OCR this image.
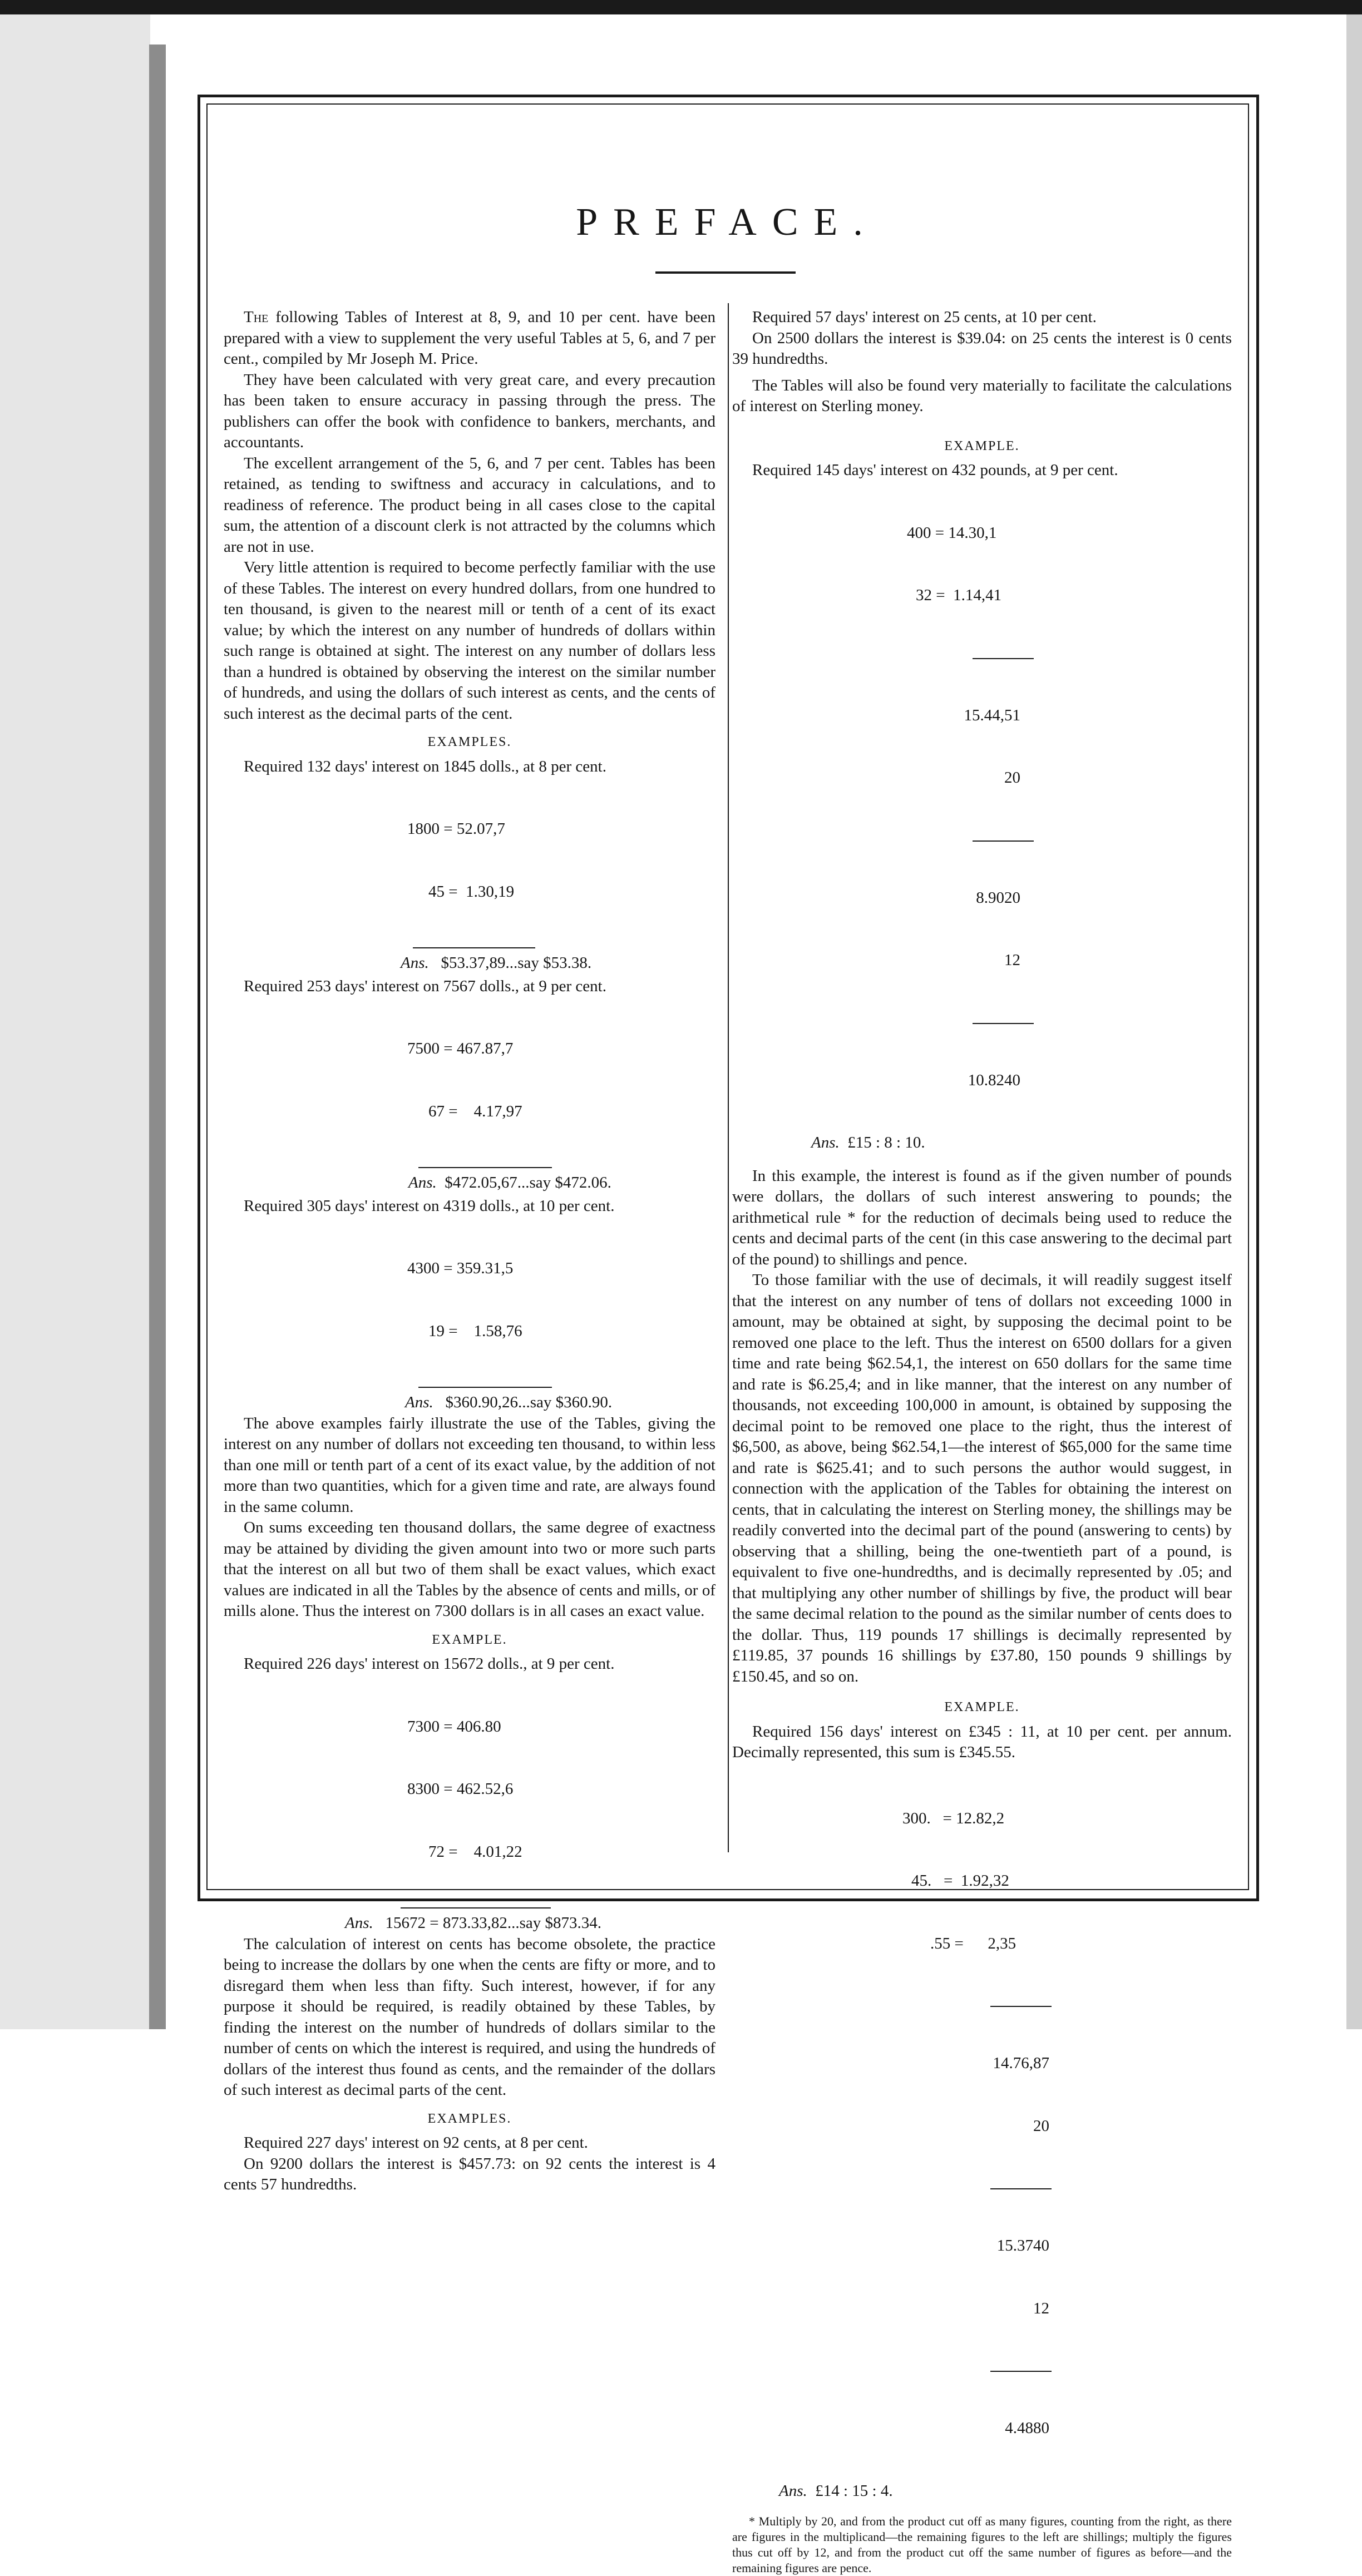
PREFACE.

The following Tables of Interest at 8, 9, and 10 per cent. have been prepared with a view to supplement the very useful Tables at 5, 6, and 7 per cent., compiled by Mr Joseph M. Price.

They have been calculated with very great care, and every precaution has been taken to ensure accuracy in passing through the press. The publishers can offer the book with confidence to bankers, merchants, and accountants.

The excellent arrangement of the 5, 6, and 7 per cent. Tables has been retained, as tending to swiftness and accuracy in calculations, and to readiness of reference. The product being in all cases close to the capital sum, the attention of a discount clerk is not attracted by the columns which are not in use.

Very little attention is required to become perfectly familiar with the use of these Tables. The interest on every hundred dollars, from one hundred to ten thousand, is given to the nearest mill or tenth of a cent of its exact value; by which the interest on any number of hundreds of dollars within such range is obtained at sight. The interest on any number of dollars less than a hundred is obtained by observing the interest on the similar number of hundreds, and using the dollars of such interest as cents, and the cents of such interest as the decimal parts of the cent.

EXAMPLES.
Required 132 days' interest on 1845 dolls., at 8 per cent.

1800 = 52.07,7

45 =  1.30,19

Ans. $53.37,89...say $53.38.
Required 253 days' interest on 7567 dolls., at 9 per cent.

7500 = 467.87,7

67 =    4.17,97

Ans. $472.05,67...say $472.06.
Required 305 days' interest on 4319 dolls., at 10 per cent.

4300 = 359.31,5

19 =    1.58,76

Ans. $360.90,26...say $360.90.

The above examples fairly illustrate the use of the Tables, giving the interest on any number of dollars not exceeding ten thousand, to within less than one mill or tenth part of a cent of its exact value, by the addition of not more than two quantities, which for a given time and rate, are always found in the same column.

On sums exceeding ten thousand dollars, the same degree of exactness may be attained by dividing the given amount into two or more such parts that the interest on all but two of them shall be exact values, which exact values are indicated in all the Tables by the absence of cents and mills, or of mills alone. Thus the interest on 7300 dollars is in all cases an exact value.

EXAMPLE.
Required 226 days' interest on 15672 dolls., at 9 per cent.

7300 = 406.80

8300 = 462.52,6

72 =    4.01,22

Ans. 15672 = 873.33,82...say $873.34.

The calculation of interest on cents has become obsolete, the practice being to increase the dollars by one when the cents are fifty or more, and to disregard them when less than fifty. Such interest, however, if for any purpose it should be required, is readily obtained by these Tables, by finding the interest on the number of hundreds of dollars similar to the number of cents on which the interest is required, and using the hundreds of dollars of the interest thus found as cents, and the remainder of the dollars of such interest as decimal parts of the cent.

EXAMPLES.
Required 227 days' interest on 92 cents, at 8 per cent.

On 9200 dollars the interest is $457.73: on 92 cents the interest is 4 cents 57 hundredths.

Required 57 days' interest on 25 cents, at 10 per cent.

On 2500 dollars the interest is $39.04: on 25 cents the interest is 0 cents 39 hundredths.

The Tables will also be found very materially to facilitate the calculations of interest on Sterling money.

EXAMPLE.
Required 145 days' interest on 432 pounds, at 9 per cent.

400 = 14.30,1

32 =  1.14,41

15.44,51

20

8.9020

12

10.8240

Ans. £15 : 8 : 10.

In this example, the interest is found as if the given number of pounds were dollars, the dollars of such interest answering to pounds; the arithmetical rule * for the reduction of decimals being used to reduce the cents and decimal parts of the cent (in this case answering to the decimal part of the pound) to shillings and pence.

To those familiar with the use of decimals, it will readily suggest itself that the interest on any number of tens of dollars not exceeding 1000 in amount, may be obtained at sight, by supposing the decimal point to be removed one place to the left. Thus the interest on 6500 dollars for a given time and rate being $62.54,1, the interest on 650 dollars for the same time and rate is $6.25,4; and in like manner, that the interest on any number of thousands, not exceeding 100,000 in amount, is obtained by supposing the decimal point to be removed one place to the right, thus the interest of $6,500, as above, being $62.54,1—the interest of $65,000 for the same time and rate is $625.41; and to such persons the author would suggest, in connection with the application of the Tables for obtaining the interest on cents, that in calculating the interest on Sterling money, the shillings may be readily converted into the decimal part of the pound (answering to cents) by observing that a shilling, being the one-twentieth part of a pound, is equivalent to five one-hundredths, and is decimally represented by .05; and that multiplying any other number of shillings by five, the product will bear the same decimal relation to the pound as the similar number of cents does to the dollar. Thus, 119 pounds 17 shillings is decimally represented by £119.85, 37 pounds 16 shillings by £37.80, 150 pounds 9 shillings by £150.45, and so on.

EXAMPLE.

Required 156 days' interest on £345 : 11, at 10 per cent. per annum. Decimally represented, this sum is £345.55.

300.   = 12.82,2

45.   =  1.92,32

.55 =      2,35

14.76,87

20

15.3740

12

4.4880

Ans. £14 : 15 : 4.

* Multiply by 20, and from the product cut off as many figures, counting from the right, as there are figures in the multiplicand—the remaining figures to the left are shillings; multiply the figures thus cut off by 12, and from the product cut off the same number of figures as before—and the remaining figures are pence.
